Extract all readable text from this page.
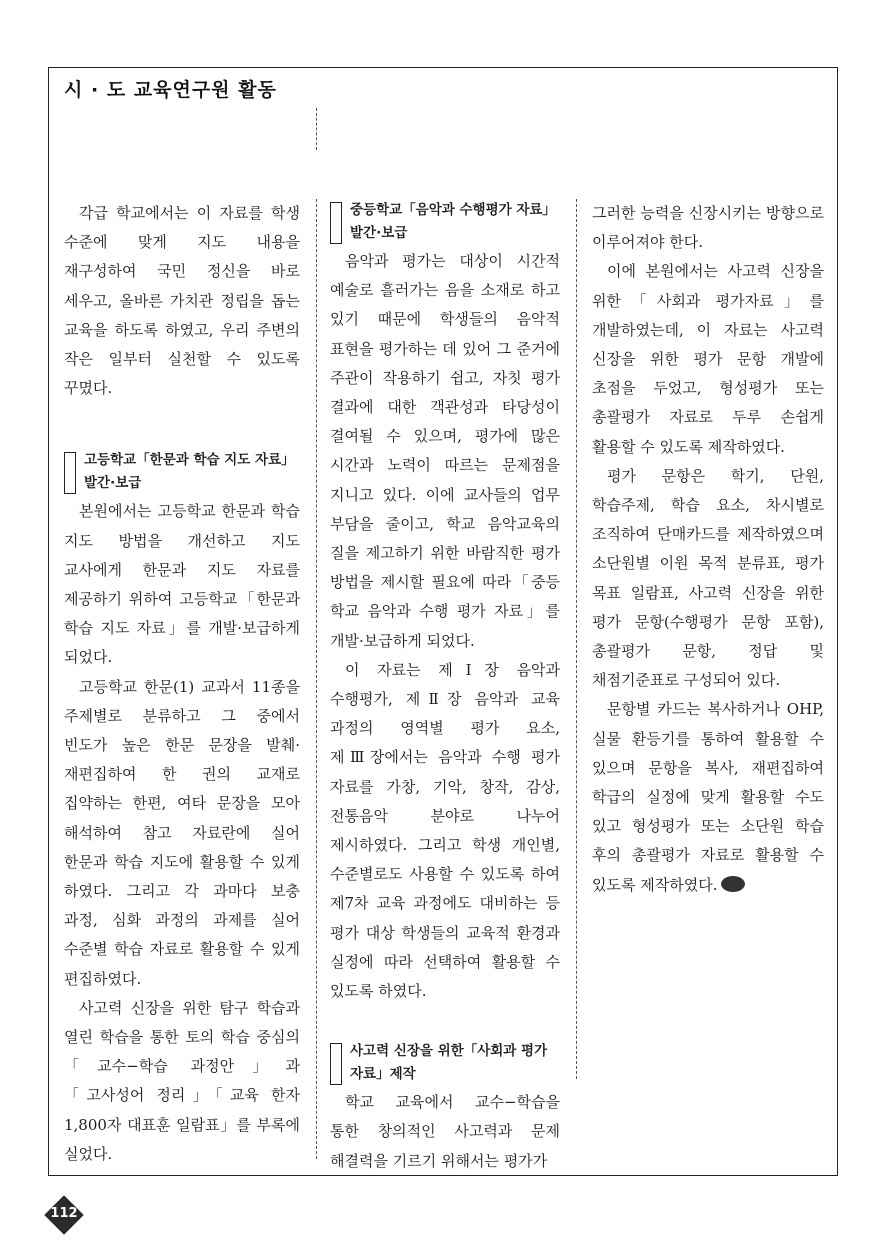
시 · 도 교육연구원 활동

각급 학교에서는 이 자료를 학생 수준에 맞게 지도 내용을 재구성하여 국민 정신을 바로 세우고, 올바른 가치관 정립을 돕는 교육을 하도록 하였고, 우리 주변의 작은 일부터 실천할 수 있도록 꾸몄다.

고등학교「한문과 학습 지도 자료」
발간·보급

본원에서는 고등학교 한문과 학습 지도 방법을 개선하고 지도 교사에게 한문과 지도 자료를 제공하기 위하여 고등학교「한문과 학습 지도 자료」를 개발·보급하게 되었다.

고등학교 한문(1) 교과서 11종을 주제별로 분류하고 그 중에서 빈도가 높은 한문 문장을 발췌·재편집하여 한 권의 교재로 집약하는 한편, 여타 문장을 모아 해석하여 참고 자료란에 실어 한문과 학습 지도에 활용할 수 있게 하였다. 그리고 각 과마다 보충 과정, 심화 과정의 과제를 실어 수준별 학습 자료로 활용할 수 있게 편집하였다.

사고력 신장을 위한 탐구 학습과 열린 학습을 통한 토의 학습 중심의 「교수−학습 과정안」과 「고사성어 정리」「교육 한자 1,800자 대표훈 일람표」를 부록에 실었다.

중등학교「음악과 수행평가 자료」
발간·보급

음악과 평가는 대상이 시간적 예술로 흘러가는 음을 소재로 하고 있기 때문에 학생들의 음악적 표현을 평가하는 데 있어 그 준거에 주관이 작용하기 쉽고, 자칫 평가 결과에 대한 객관성과 타당성이 결여될 수 있으며, 평가에 많은 시간과 노력이 따르는 문제점을 지니고 있다. 이에 교사들의 업무 부담을 줄이고, 학교 음악교육의 질을 제고하기 위한 바람직한 평가 방법을 제시할 필요에 따라「중등 학교 음악과 수행 평가 자료」를 개발·보급하게 되었다.

이 자료는 제Ⅰ장 음악과 수행평가, 제Ⅱ장 음악과 교육 과정의 영역별 평가 요소, 제Ⅲ장에서는 음악과 수행 평가 자료를 가창, 기악, 창작, 감상, 전통음악 분야로 나누어 제시하였다. 그리고 학생 개인별, 수준별로도 사용할 수 있도록 하여 제7차 교육 과정에도 대비하는 등 평가 대상 학생들의 교육적 환경과 실정에 따라 선택하여 활용할 수 있도록 하였다.

사고력 신장을 위한「사회과 평가
자료」제작

학교 교육에서 교수−학습을 통한 창의적인 사고력과 문제 해결력을 기르기 위해서는 평가가

그러한 능력을 신장시키는 방향으로 이루어져야 한다.

이에 본원에서는 사고력 신장을 위한「사회과 평가자료」를 개발하였는데, 이 자료는 사고력 신장을 위한 평가 문항 개발에 초점을 두었고, 형성평가 또는 총괄평가 자료로 두루 손쉽게 활용할 수 있도록 제작하였다.

평가 문항은 학기, 단원, 학습주제, 학습 요소, 차시별로 조직하여 단매카드를 제작하였으며 소단원별 이원 목적 분류표, 평가 목표 일람표, 사고력 신장을 위한 평가 문항(수행평가 문항 포함), 총괄평가 문항, 정답 및 채점기준표로 구성되어 있다.

문항별 카드는 복사하거나 OHP, 실물 환등기를 통하여 활용할 수 있으며 문항을 복사, 재편집하여 학급의 실정에 맞게 활용할 수도 있고 형성평가 또는 소단원 학습 후의 총괄평가 자료로 활용할 수 있도록 제작하였다.

112
